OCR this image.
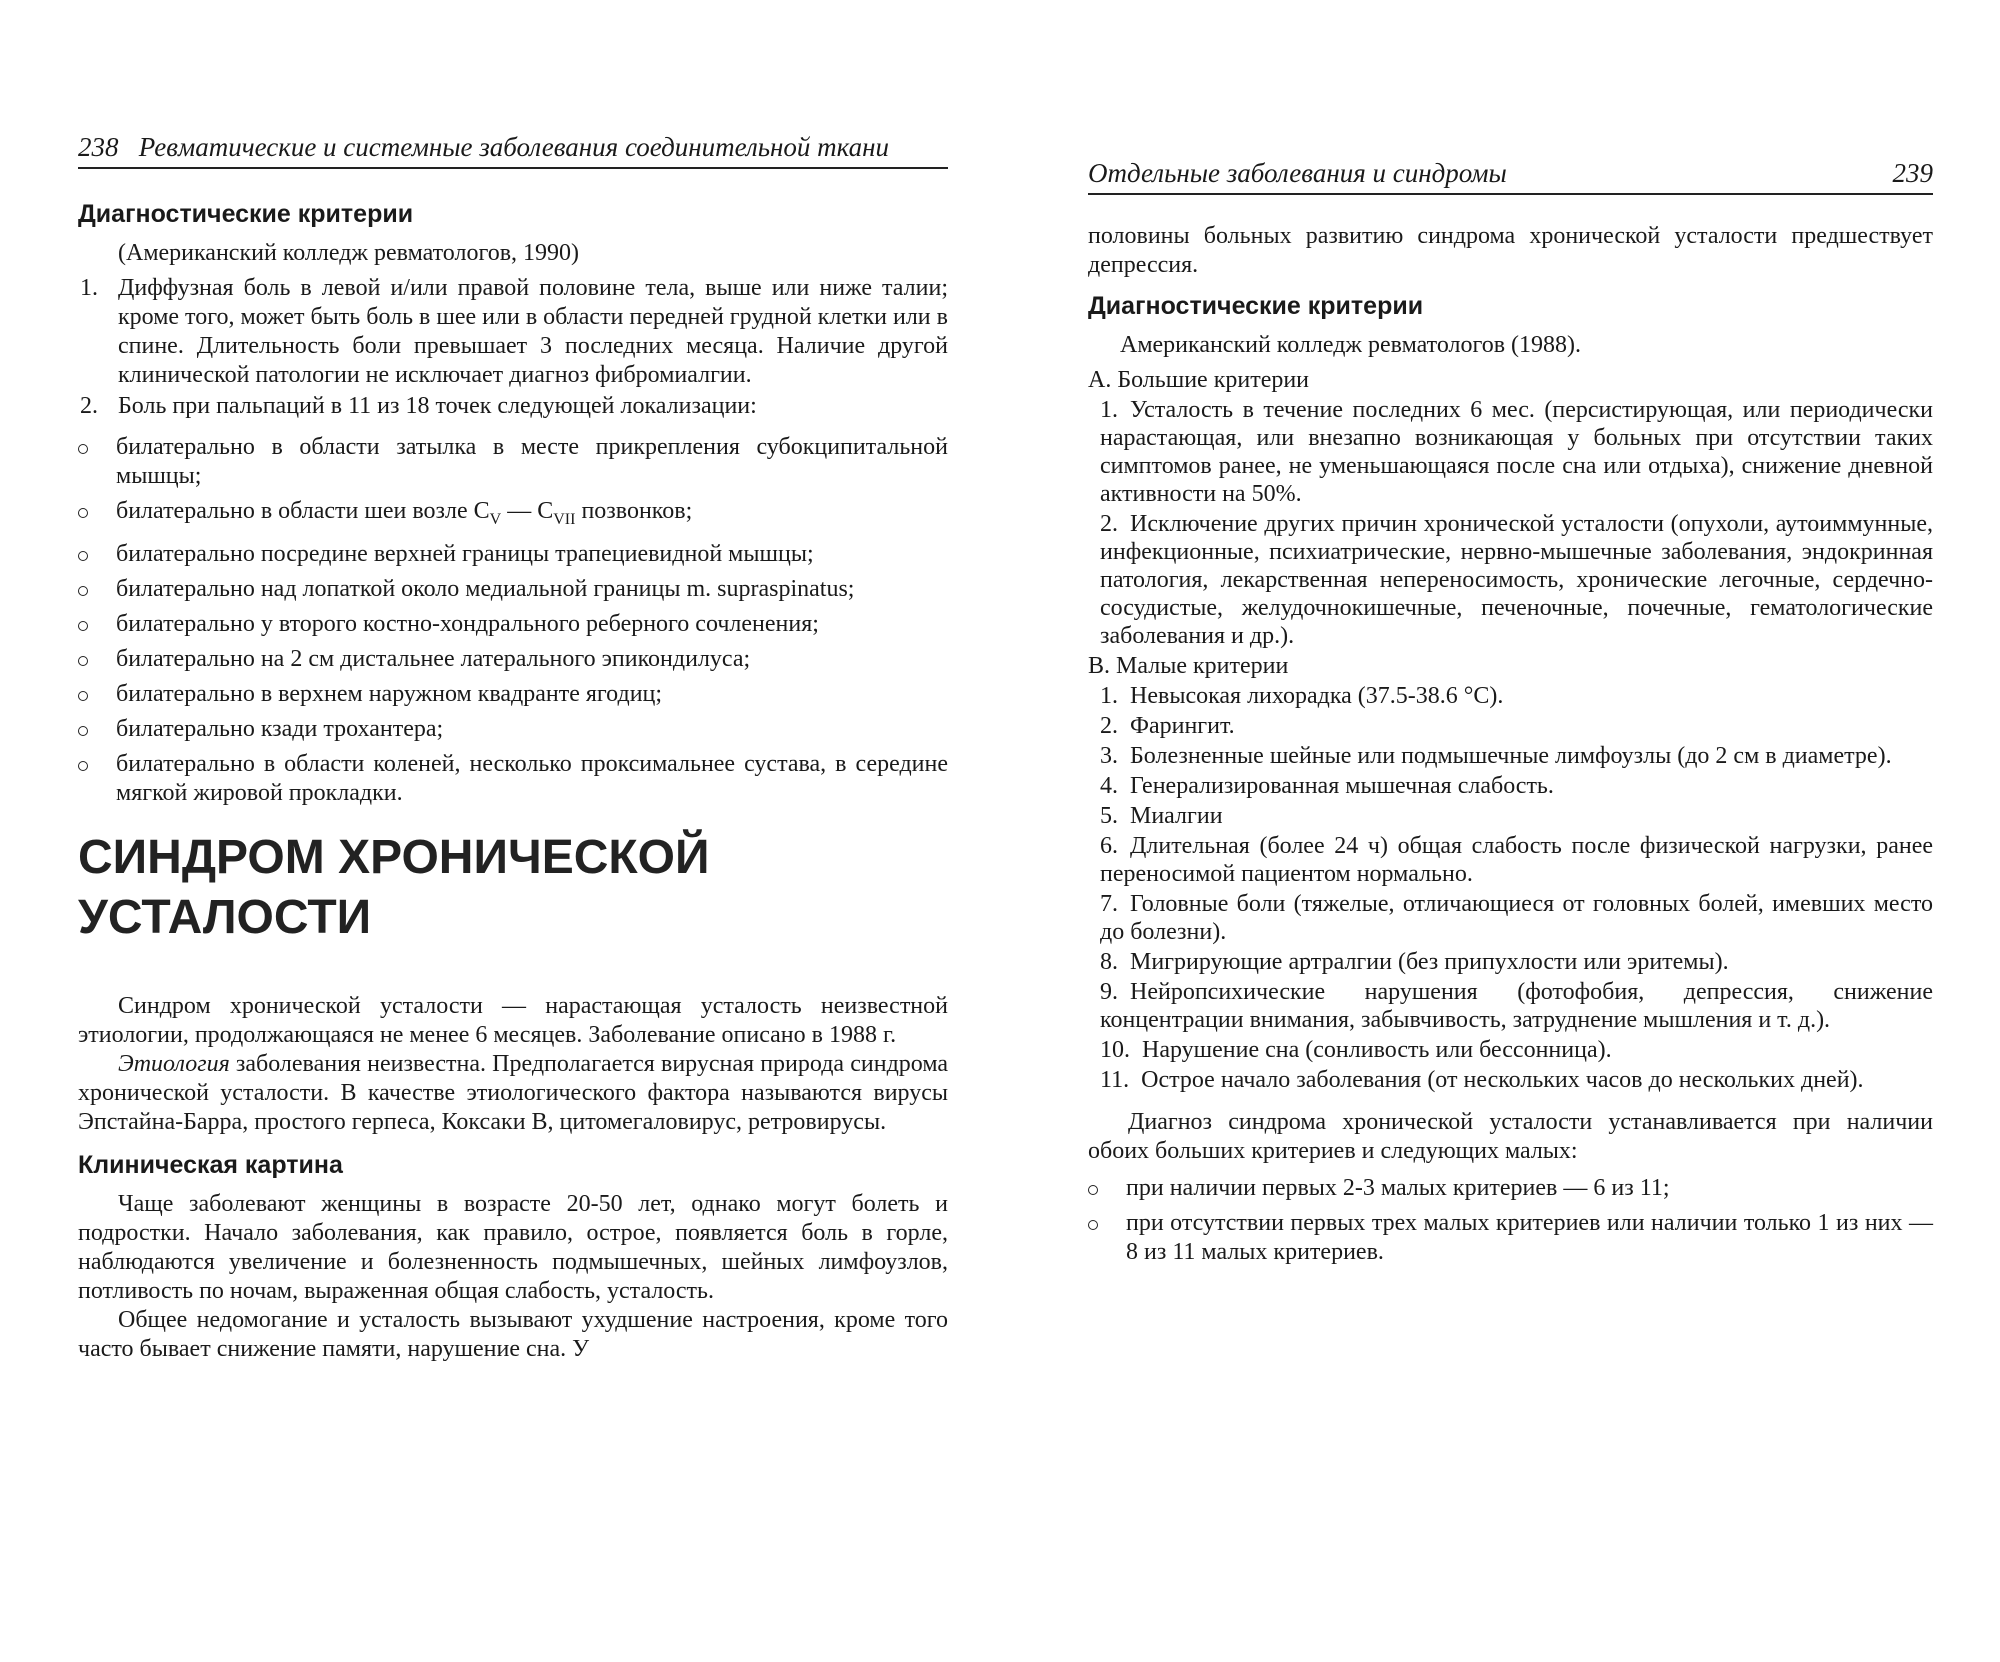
238 Ревматические и системные заболевания соединительной ткани
Диагностические критерии

(Американский колледж ревматологов, 1990)

1. Диффузная боль в левой и/или правой половине тела, выше или ниже талии; кроме того, может быть боль в шее или в области передней грудной клетки или в спине. Длительность боли превышает 3 последних месяца. Наличие другой клинической патологии не исключает диагноз фибромиалгии.
2. Боль при пальпаций в 11 из 18 точек следующей локализации:
билатерально в области затылка в месте прикрепления субокципитальной мышцы;
билатерально в области шеи возле $C_V$ — $C_{VII}$ позвонков;
билатерально посредине верхней границы трапециевидной мышцы;
билатерально над лопаткой около медиальной границы m. supraspinatus;
билатерально у второго костно-хондрального реберного сочленения;
билатерально на 2 см дистальнее латерального эпикондилуса;
билатерально в верхнем наружном квадранте ягодиц;
билатерально кзади трохантера;
билатерально в области коленей, несколько проксимальнее сустава, в середине мягкой жировой прокладки.
СИНДРОМ ХРОНИЧЕСКОЙ
УСТАЛОСТИ

Синдром хронической усталости — нарастающая усталость неизвестной этиологии, продолжающаяся не менее 6 месяцев. Заболевание описано в 1988 г.

Этиология заболевания неизвестна. Предполагается вирусная природа синдрома хронической усталости. В качестве этиологического фактора называются вирусы Эпстайна-Барра, простого герпеса, Коксаки В, цитомегаловирус, ретровирусы.

Клиническая картина

Чаще заболевают женщины в возрасте 20-50 лет, однако могут болеть и подростки. Начало заболевания, как правило, острое, появляется боль в горле, наблюдаются увеличение и болезненность подмышечных, шейных лимфоузлов, потливость по ночам, выраженная общая слабость, усталость.

Общее недомогание и усталость вызывают ухудшение настроения, кроме того часто бывает снижение памяти, нарушение сна. У

Отдельные заболевания и синдромы	239

половины больных развитию синдрома хронической усталости предшествует депрессия.

Диагностические критерии

Американский колледж ревматологов (1988).

А. Большие критерии
1. Усталость в течение последних 6 мес. (персистирующая, или периодически нарастающая, или внезапно возникающая у больных при отсутствии таких симптомов ранее, не уменьшающаяся после сна или отдыха), снижение дневной активности на 50%.
2. Исключение других причин хронической усталости (опухоли, аутоиммунные, инфекционные, психиатрические, нервно-мышечные заболевания, эндокринная патология, лекарственная непереносимость, хронические легочные, сердечно-сосудистые, желудочнокишечные, печеночные, почечные, гематологические заболевания и др.).
В. Малые критерии
1. Невысокая лихорадка (37.5-38.6 °С).
2. Фарингит.
3. Болезненные шейные или подмышечные лимфоузлы (до 2 см в диаметре).
4. Генерализированная мышечная слабость.
5. Миалгии
6. Длительная (более 24 ч) общая слабость после физической нагрузки, ранее переносимой пациентом нормально.
7. Головные боли (тяжелые, отличающиеся от головных болей, имевших место до болезни).
8. Мигрирующие артралгии (без припухлости или эритемы).
9. Нейропсихические нарушения (фотофобия, депрессия, снижение концентрации внимания, забывчивость, затруднение мышления и т. д.).
10. Нарушение сна (сонливость или бессонница).
11. Острое начало заболевания (от нескольких часов до нескольких дней).

Диагноз синдрома хронической усталости устанавливается при наличии обоих больших критериев и следующих малых:

при наличии первых 2-3 малых критериев — 6 из 11;
при отсутствии первых трех малых критериев или наличии только 1 из них — 8 из 11 малых критериев.
